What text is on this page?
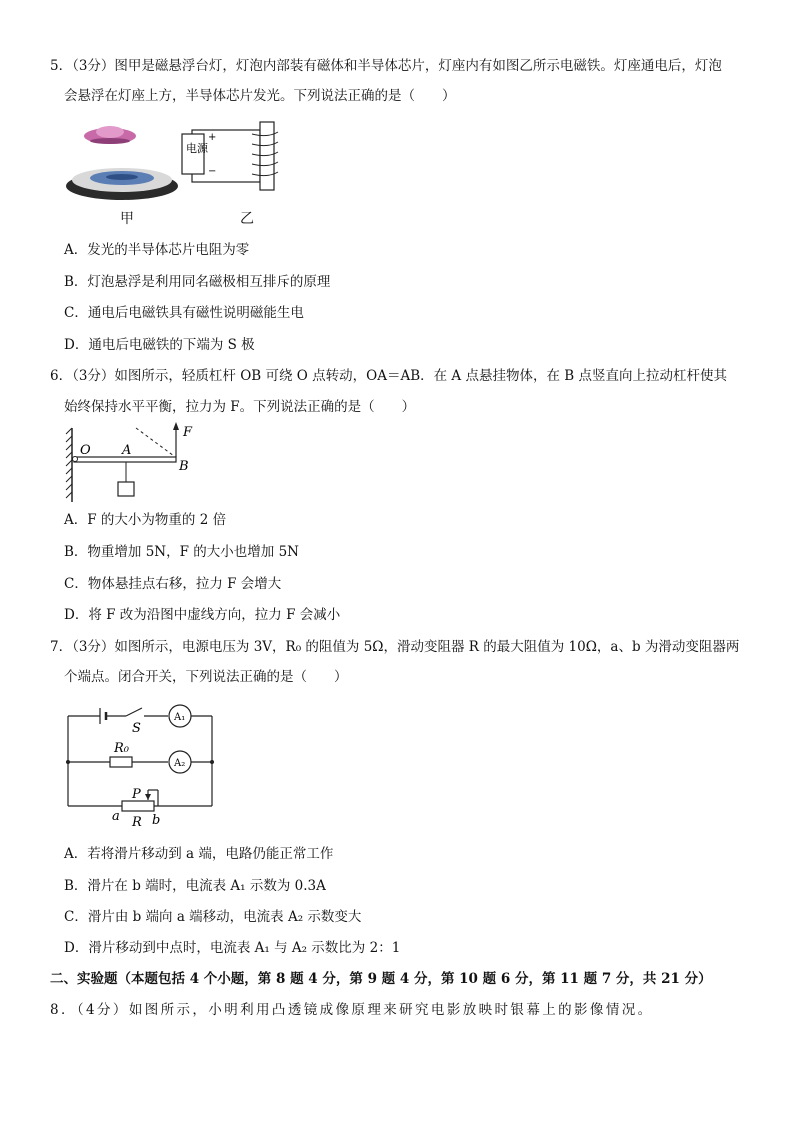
5．（3分）图甲是磁悬浮台灯，灯泡内部装有磁体和半导体芯片，灯座内有如图乙所示电磁铁。灯座通电后，灯泡
会悬浮在灯座上方，半导体芯片发光。下列说法正确的是（　　）
电源
+
−
甲	乙
A．发光的半导体芯片电阻为零
B．灯泡悬浮是利用同名磁极相互排斥的原理
C．通电后电磁铁具有磁性说明磁能生电
D．通电后电磁铁的下端为 S 极
6．（3分）如图所示，轻质杠杆 OB 可绕 O 点转动，OA＝AB．在 A 点悬挂物体，在 B 点竖直向上拉动杠杆使其
始终保持水平平衡，拉力为 F。下列说法正确的是（　　）
O A
B
F
A．F 的大小为物重的 2 倍
B．物重增加 5N，F 的大小也增加 5N
C．物体悬挂点右移，拉力 F 会增大
D．将 F 改为沿图中虚线方向，拉力 F 会减小
7．（3分）如图所示，电源电压为 3V，R₀ 的阻值为 5Ω，滑动变阻器 R 的最大阻值为 10Ω，a、b 为滑动变阻器两
个端点。闭合开关，下列说法正确的是（　　）
A₁
A₂
S
R₀
P
R
a b
A．若将滑片移动到 a 端，电路仍能正常工作
B．滑片在 b 端时，电流表 A₁ 示数为 0.3A
C．滑片由 b 端向 a 端移动，电流表 A₂ 示数变大
D．滑片移动到中点时，电流表 A₁ 与 A₂ 示数比为 2：1
二、实验题（本题包括 4 个小题，第 8 题 4 分，第 9 题 4 分，第 10 题 6 分，第 11 题 7 分，共 21 分）
8．（4分）如图所示，小明利用凸透镜成像原理来研究电影放映时银幕上的影像情况。
